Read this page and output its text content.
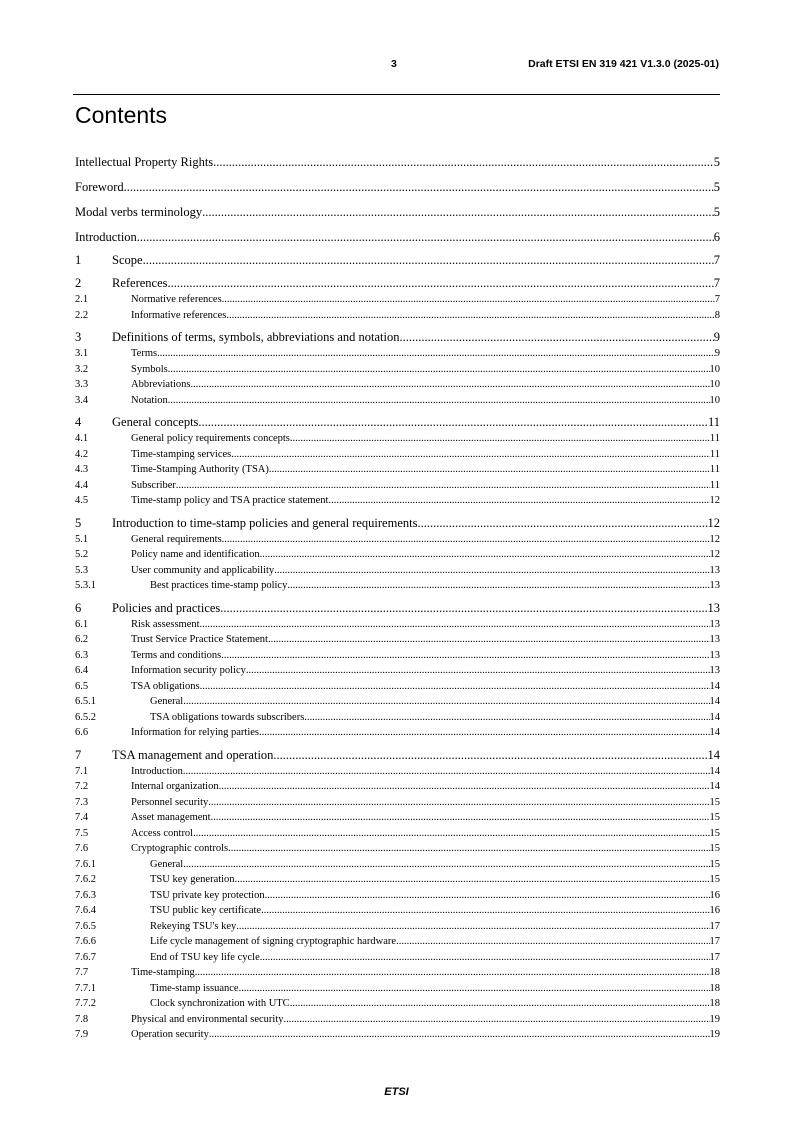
3	Draft ETSI EN 319 421 V1.3.0 (2025-01)
Contents
Intellectual Property Rights .....	5
Foreword .....	5
Modal verbs terminology .....	5
Introduction .....	6
1	Scope .....	7
2	References .....	7
2.1	Normative references .....	7
2.2	Informative references .....	8
3	Definitions of terms, symbols, abbreviations and notation .....	9
3.1	Terms .....	9
3.2	Symbols .....	10
3.3	Abbreviations .....	10
3.4	Notation .....	10
4	General concepts .....	11
4.1	General policy requirements concepts .....	11
4.2	Time-stamping services .....	11
4.3	Time-Stamping Authority (TSA) .....	11
4.4	Subscriber .....	11
4.5	Time-stamp policy and TSA practice statement .....	12
5	Introduction to time-stamp policies and general requirements .....	12
5.1	General requirements .....	12
5.2	Policy name and identification .....	12
5.3	User community and applicability .....	13
5.3.1	Best practices time-stamp policy .....	13
6	Policies and practices .....	13
6.1	Risk assessment .....	13
6.2	Trust Service Practice Statement .....	13
6.3	Terms and conditions .....	13
6.4	Information security policy .....	13
6.5	TSA obligations .....	14
6.5.1	General .....	14
6.5.2	TSA obligations towards subscribers .....	14
6.6	Information for relying parties .....	14
7	TSA management and operation .....	14
7.1	Introduction .....	14
7.2	Internal organization .....	14
7.3	Personnel security .....	15
7.4	Asset management .....	15
7.5	Access control .....	15
7.6	Cryptographic controls .....	15
7.6.1	General .....	15
7.6.2	TSU key generation .....	15
7.6.3	TSU private key protection .....	16
7.6.4	TSU public key certificate .....	16
7.6.5	Rekeying TSU's key .....	17
7.6.6	Life cycle management of signing cryptographic hardware .....	17
7.6.7	End of TSU key life cycle .....	17
7.7	Time-stamping .....	18
7.7.1	Time-stamp issuance .....	18
7.7.2	Clock synchronization with UTC .....	18
7.8	Physical and environmental security .....	19
7.9	Operation security .....	19
ETSI
